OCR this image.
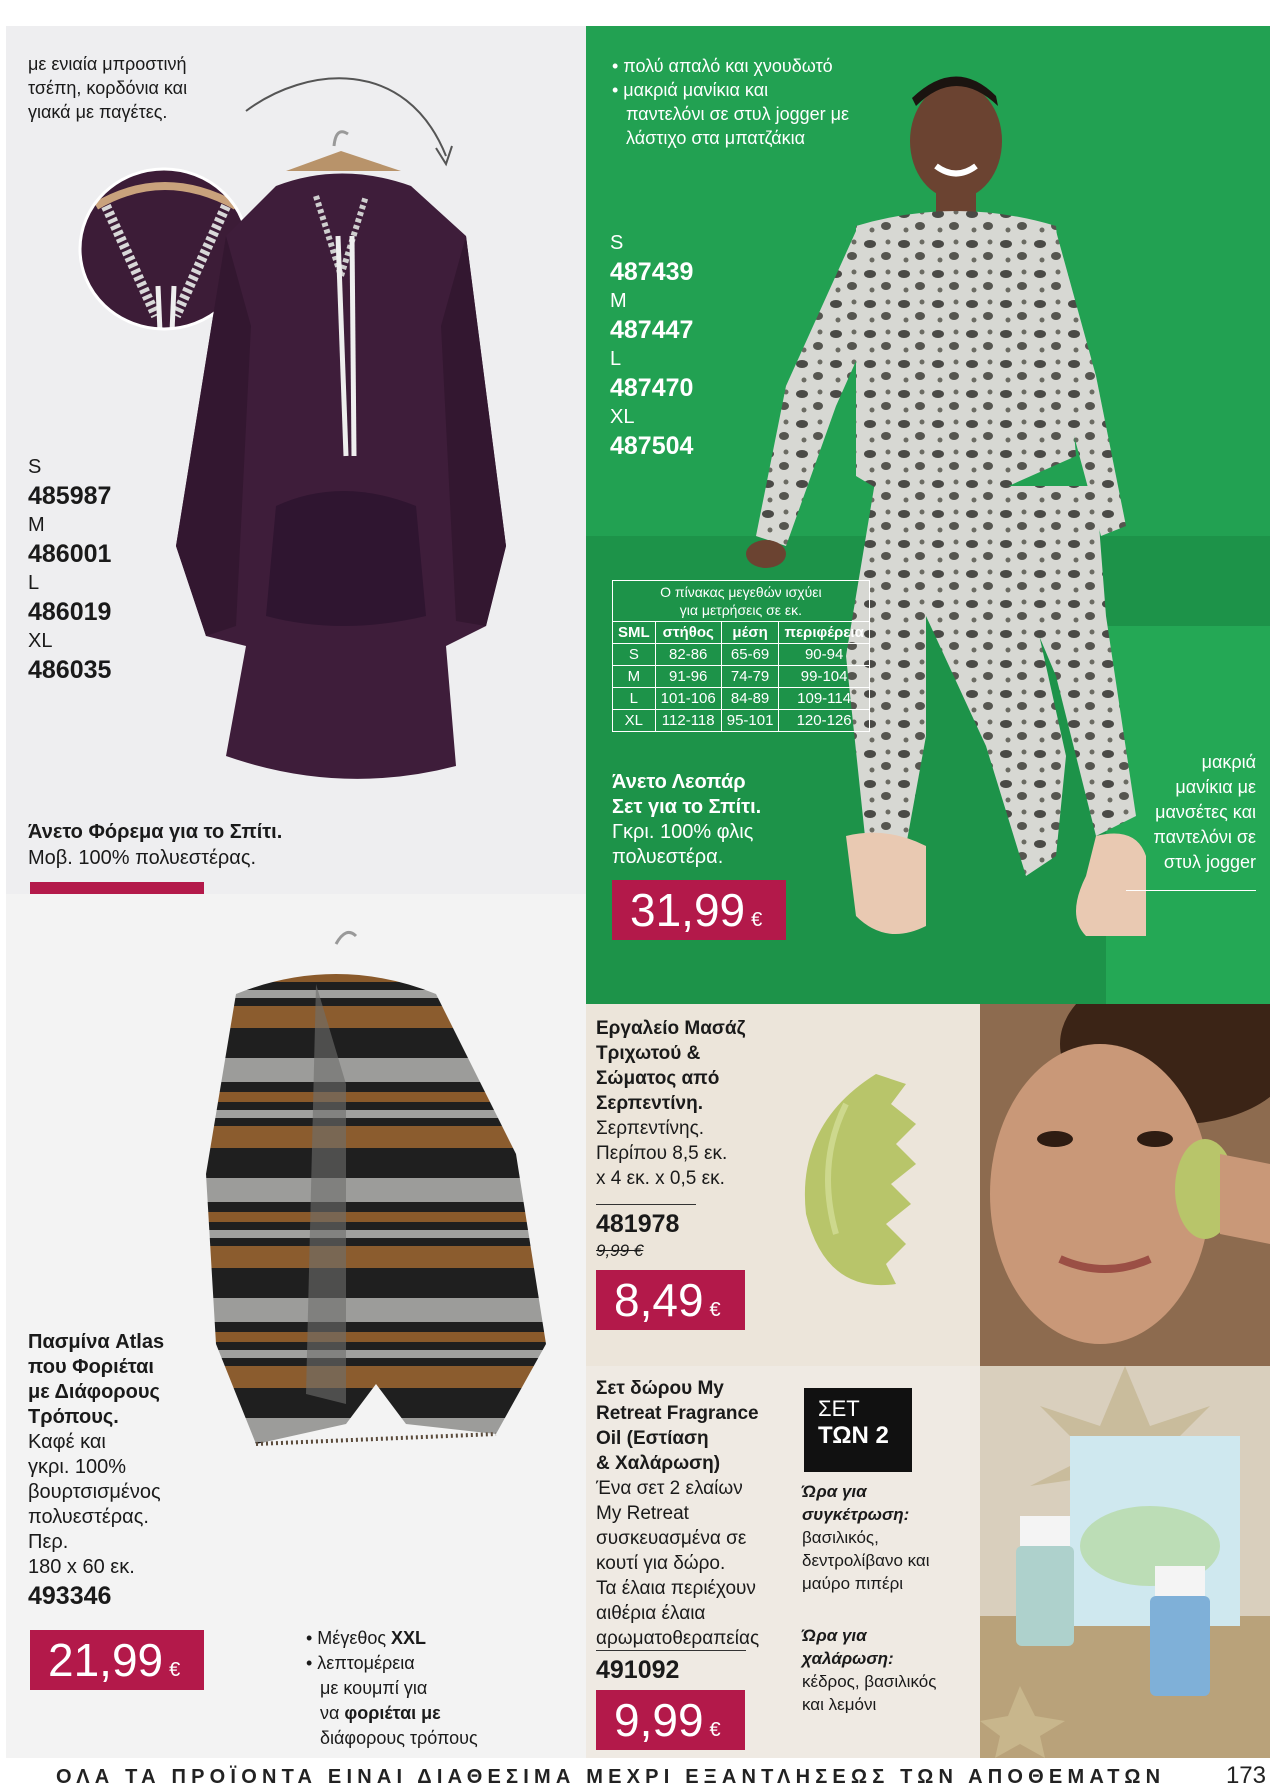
με ενιαία μπροστινή
τσέπη, κορδόνια και
γιακά με παγέτες.
S
485987
M
486001
L
486019
XL
486035
Άνετο Φόρεμα για το Σπίτι.
Μοβ. 100% πολυεστέρας.
• πολύ απαλό και χνουδωτό
• μακριά μανίκια και
παντελόνι σε στυλ jogger με
λάστιχο στα μπατζάκια
S
487439
M
487447
L
487470
XL
487504
Ο πίνακας μεγεθών ισχύει
για μετρήσεις σε εκ.			

SML	στήθος	μέση	περιφέρεια
S	82-86	65-69	90-94
M	91-96	74-79	99-104
L	101-106	84-89	109-114
XL	112-118	95-101	120-126
Άνετο Λεοπάρ
Σετ για το Σπίτι.
Γκρι. 100% φλις
πολυεστέρα.
μακριά
μανίκια με
μανσέτες και
παντελόνι σε
στυλ jogger
31,99 €
Πασμίνα Atlas
που Φοριέται
με Διάφορους
Τρόπους.
Καφέ και
γκρι. 100%
βουρτσισμένος
πολυεστέρας.
Περ.
180 x 60 εκ.
493346
• Μέγεθος XXL
• λεπτομέρεια
με κουμπί για
να φοριέται με
διάφορους τρόπους
21,99 €
Εργαλείο Μασάζ
Τριχωτού &
Σώματος από
Σερπεντίνη.
Σερπεντίνης.
Περίπου 8,5 εκ.
x 4 εκ. x 0,5 εκ.
481978
9,99 €
8,49 €
Σετ δώρου My
Retreat Fragrance
Oil (Εστίαση
& Χαλάρωση)
Ένα σετ 2 ελαίων
My Retreat
συσκευασμένα σε
κουτί για δώρο.
Τα έλαια περιέχουν
αιθέρια έλαια
αρωματοθεραπείας
491092
ΣΕΤ
ΤΩΝ 2
Ώρα για
συγκέτρωση:
βασιλικός,
δεντρολίβανο και
μαύρο πιπέρι
Ώρα για
χαλάρωση:
κέδρος, βασιλικός
και λεμόνι
9,99 €
ΟΛΑ ΤΑ ΠΡΟΪΟΝΤΑ ΕΙΝΑΙ ΔΙΑΘΕΣΙΜΑ ΜΕΧΡΙ ΕΞΑΝΤΛΗΣΕΩΣ ΤΩΝ ΑΠΟΘΕΜΑΤΩΝ	173
